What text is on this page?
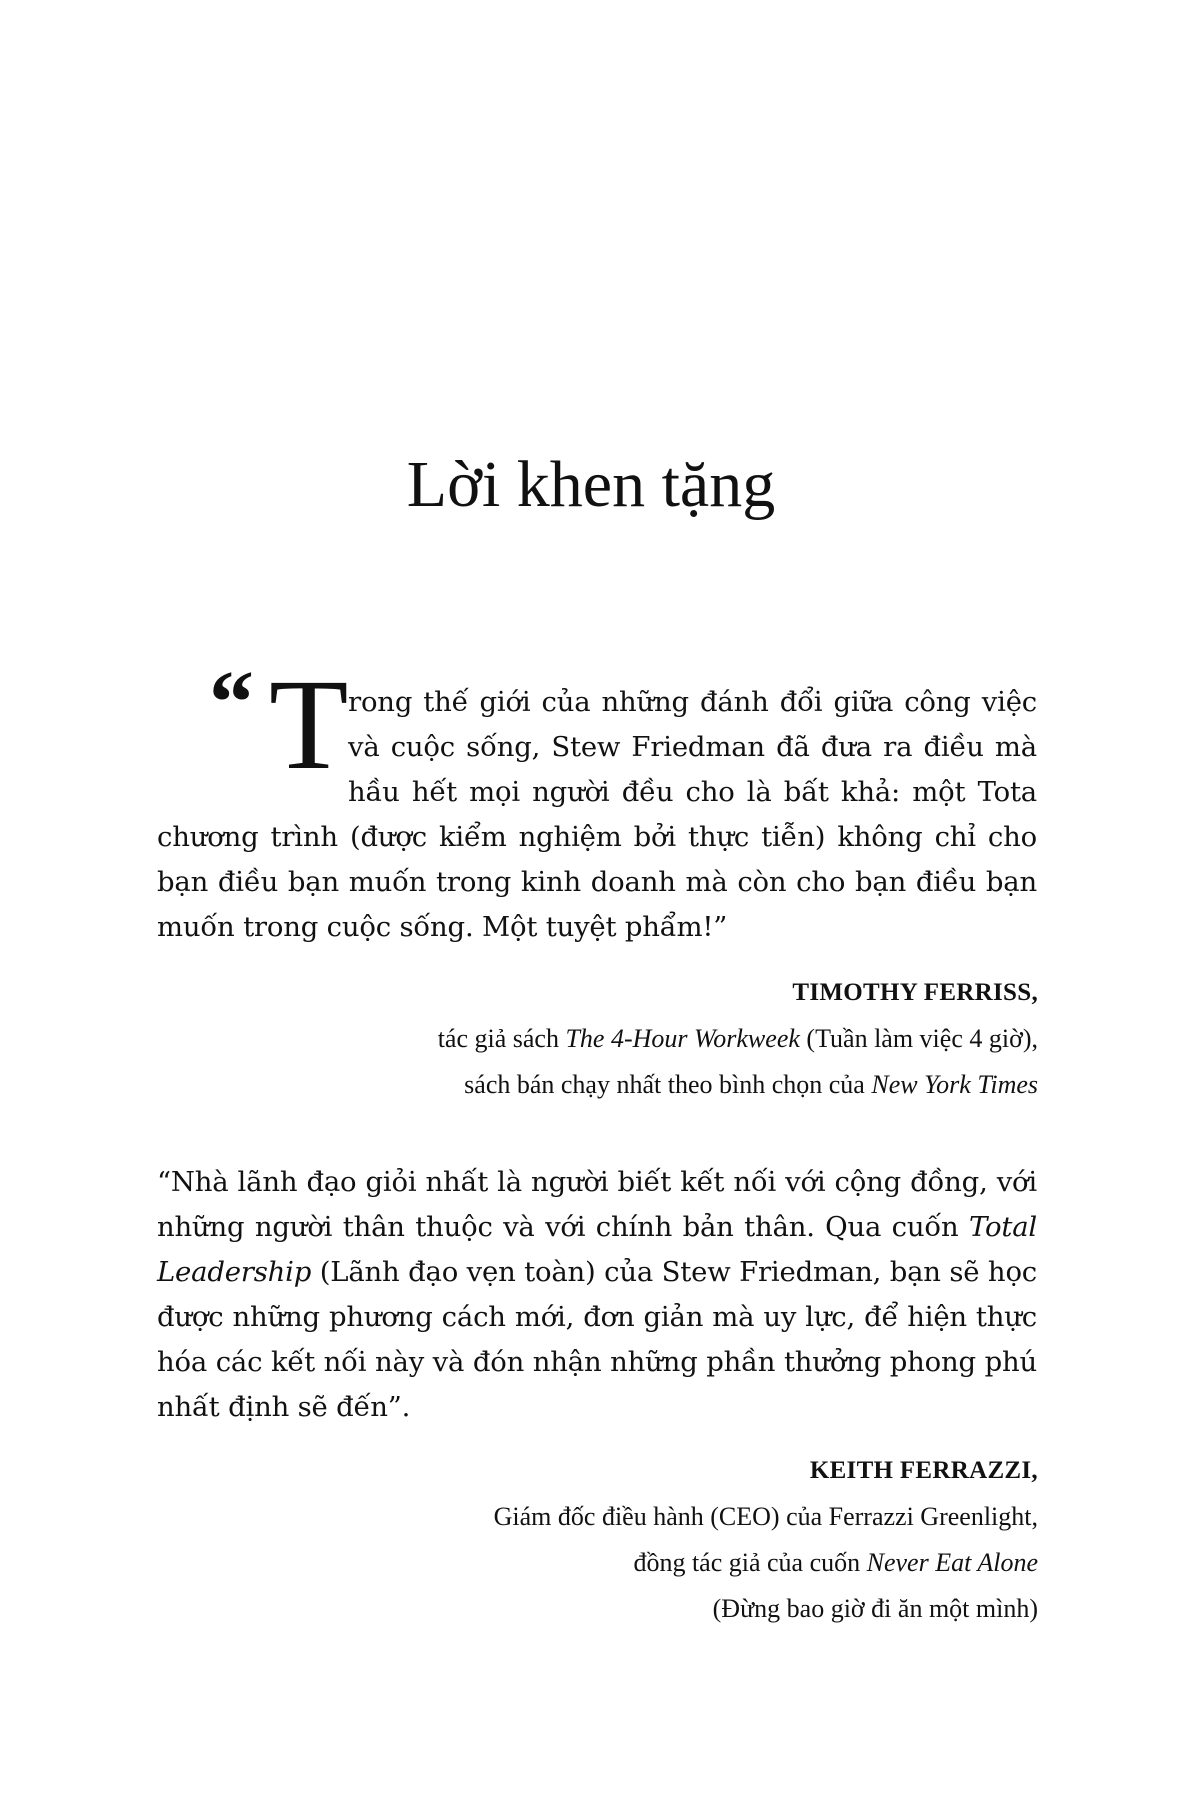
Lời khen tặng

“ T rong thế giới của những đánh đổi giữa công việc và cuộc sống, Stew Friedman đã đưa ra điều mà hầu hết mọi người đều cho là bất khả: một Tota chương trình (được kiểm nghiệm bởi thực tiễn) không chỉ cho bạn điều bạn muốn trong kinh doanh mà còn cho bạn điều bạn muốn trong cuộc sống. Một tuyệt phẩm!”

TIMOTHY FERRISS,
tác giả sách The 4-Hour Workweek (Tuần làm việc 4 giờ),
sách bán chạy nhất theo bình chọn của New York Times

“Nhà lãnh đạo giỏi nhất là người biết kết nối với cộng đồng, với những người thân thuộc và với chính bản thân. Qua cuốn Total Leadership (Lãnh đạo vẹn toàn) của Stew Friedman, bạn sẽ học được những phương cách mới, đơn giản mà uy lực, để hiện thực hóa các kết nối này và đón nhận những phần thưởng phong phú nhất định sẽ đến”.

KEITH FERRAZZI,
Giám đốc điều hành (CEO) của Ferrazzi Greenlight,
đồng tác giả của cuốn Never Eat Alone
(Đừng bao giờ đi ăn một mình)
